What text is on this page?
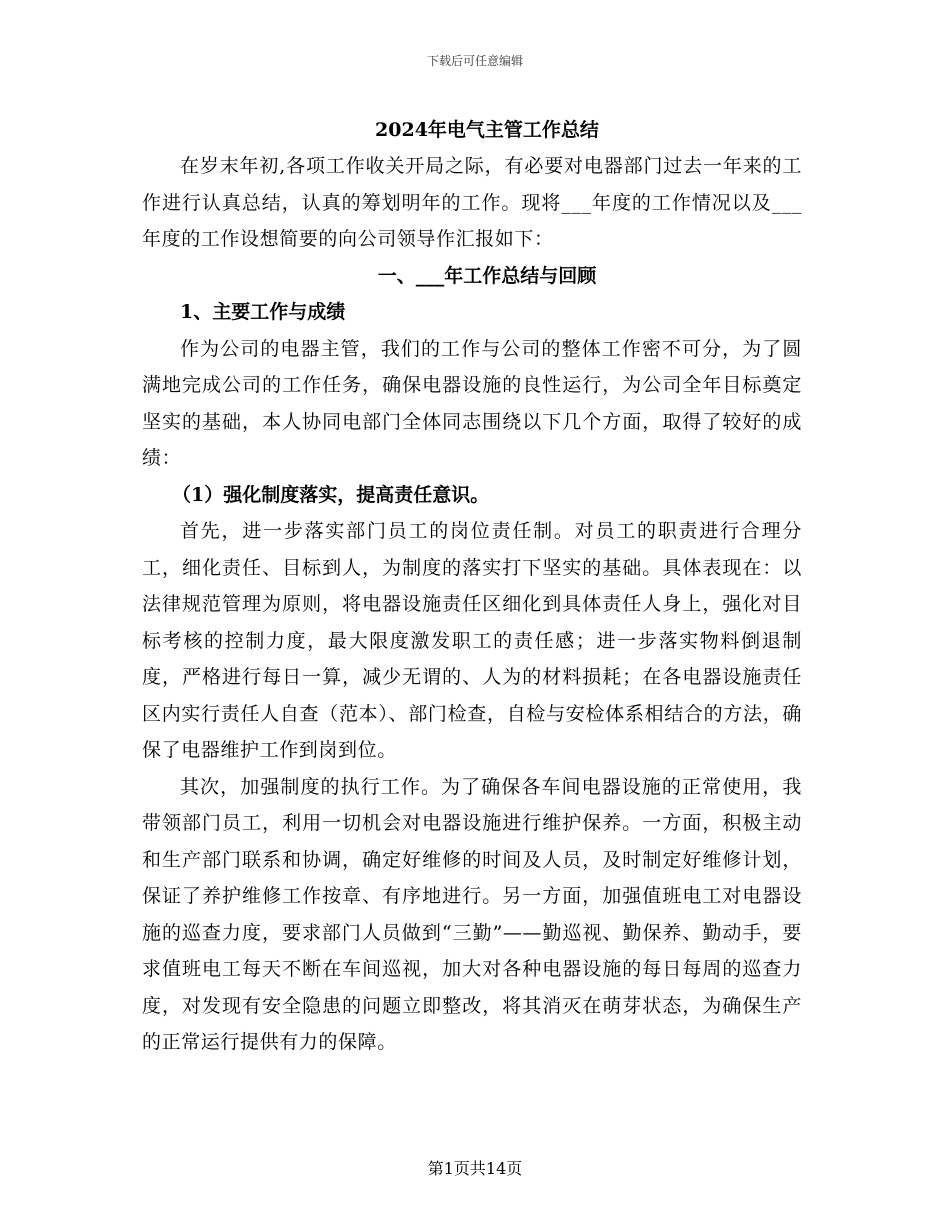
下载后可任意编辑
2024年电气主管工作总结

在岁末年初,各项工作收关开局之际，有必要对电器部门过去一年来的工作进行认真总结，认真的筹划明年的工作。现将___年度的工作情况以及___年度的工作设想简要的向公司领导作汇报如下：

一、___年工作总结与回顾
1、主要工作与成绩

作为公司的电器主管，我们的工作与公司的整体工作密不可分，为了圆满地完成公司的工作任务，确保电器设施的良性运行，为公司全年目标奠定坚实的基础，本人协同电部门全体同志围绕以下几个方面，取得了较好的成绩：

（1）强化制度落实，提高责任意识。

首先，进一步落实部门员工的岗位责任制。对员工的职责进行合理分工，细化责任、目标到人，为制度的落实打下坚实的基础。具体表现在：以法律规范管理为原则，将电器设施责任区细化到具体责任人身上，强化对目标考核的控制力度，最大限度激发职工的责任感；进一步落实物料倒退制度，严格进行每日一算，减少无谓的、人为的材料损耗；在各电器设施责任区内实行责任人自查（范本）、部门检查，自检与安检体系相结合的方法，确保了电器维护工作到岗到位。

其次，加强制度的执行工作。为了确保各车间电器设施的正常使用，我带领部门员工，利用一切机会对电器设施进行维护保养。一方面，积极主动和生产部门联系和协调，确定好维修的时间及人员，及时制定好维修计划，保证了养护维修工作按章、有序地进行。另一方面，加强值班电工对电器设施的巡查力度，要求部门人员做到“三勤”——勤巡视、勤保养、勤动手，要求值班电工每天不断在车间巡视，加大对各种电器设施的每日每周的巡查力度，对发现有安全隐患的问题立即整改，将其消灭在萌芽状态，为确保生产的正常运行提供有力的保障。

第1页共14页
